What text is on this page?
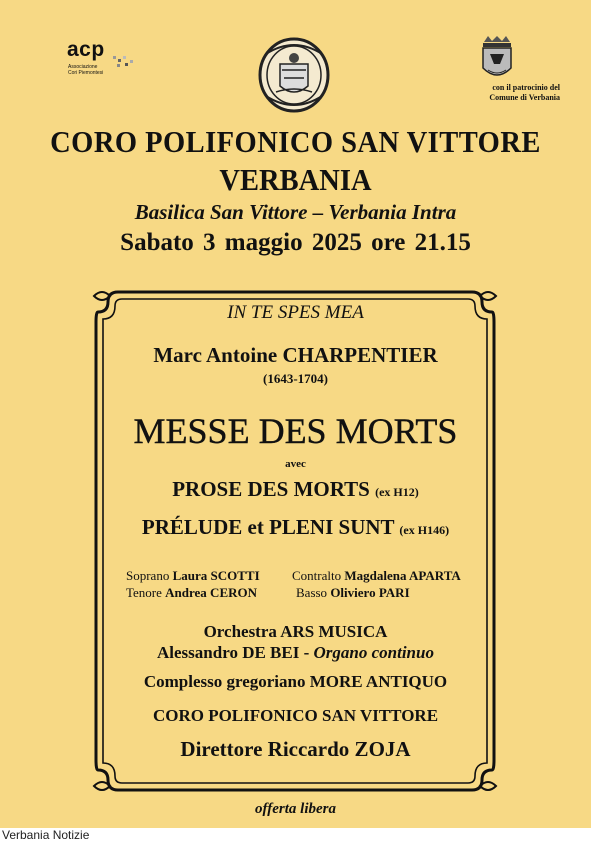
acp
Associazione
Cori Piemontesi
con il patrocinio del
Comune di Verbania
CORO POLIFONICO SAN VITTORE
VERBANIA
Basilica San Vittore – Verbania Intra
Sabato 3 maggio 2025 ore 21.15
IN TE SPES MEA
Marc Antoine CHARPENTIER
(1643-1704)
MESSE DES MORTS
avec
PROSE DES MORTS (ex H12)
PRÉLUDE et PLENI SUNT (ex H146)
Soprano Laura SCOTTI Contralto Magdalena APARTA
Tenore Andrea CERON	Basso Oliviero PARI
Orchestra ARS MUSICA
Alessandro DE BEI - Organo continuo
Complesso gregoriano MORE ANTIQUO
CORO POLIFONICO SAN VITTORE
Direttore Riccardo ZOJA
offerta libera
Verbania Notizie
